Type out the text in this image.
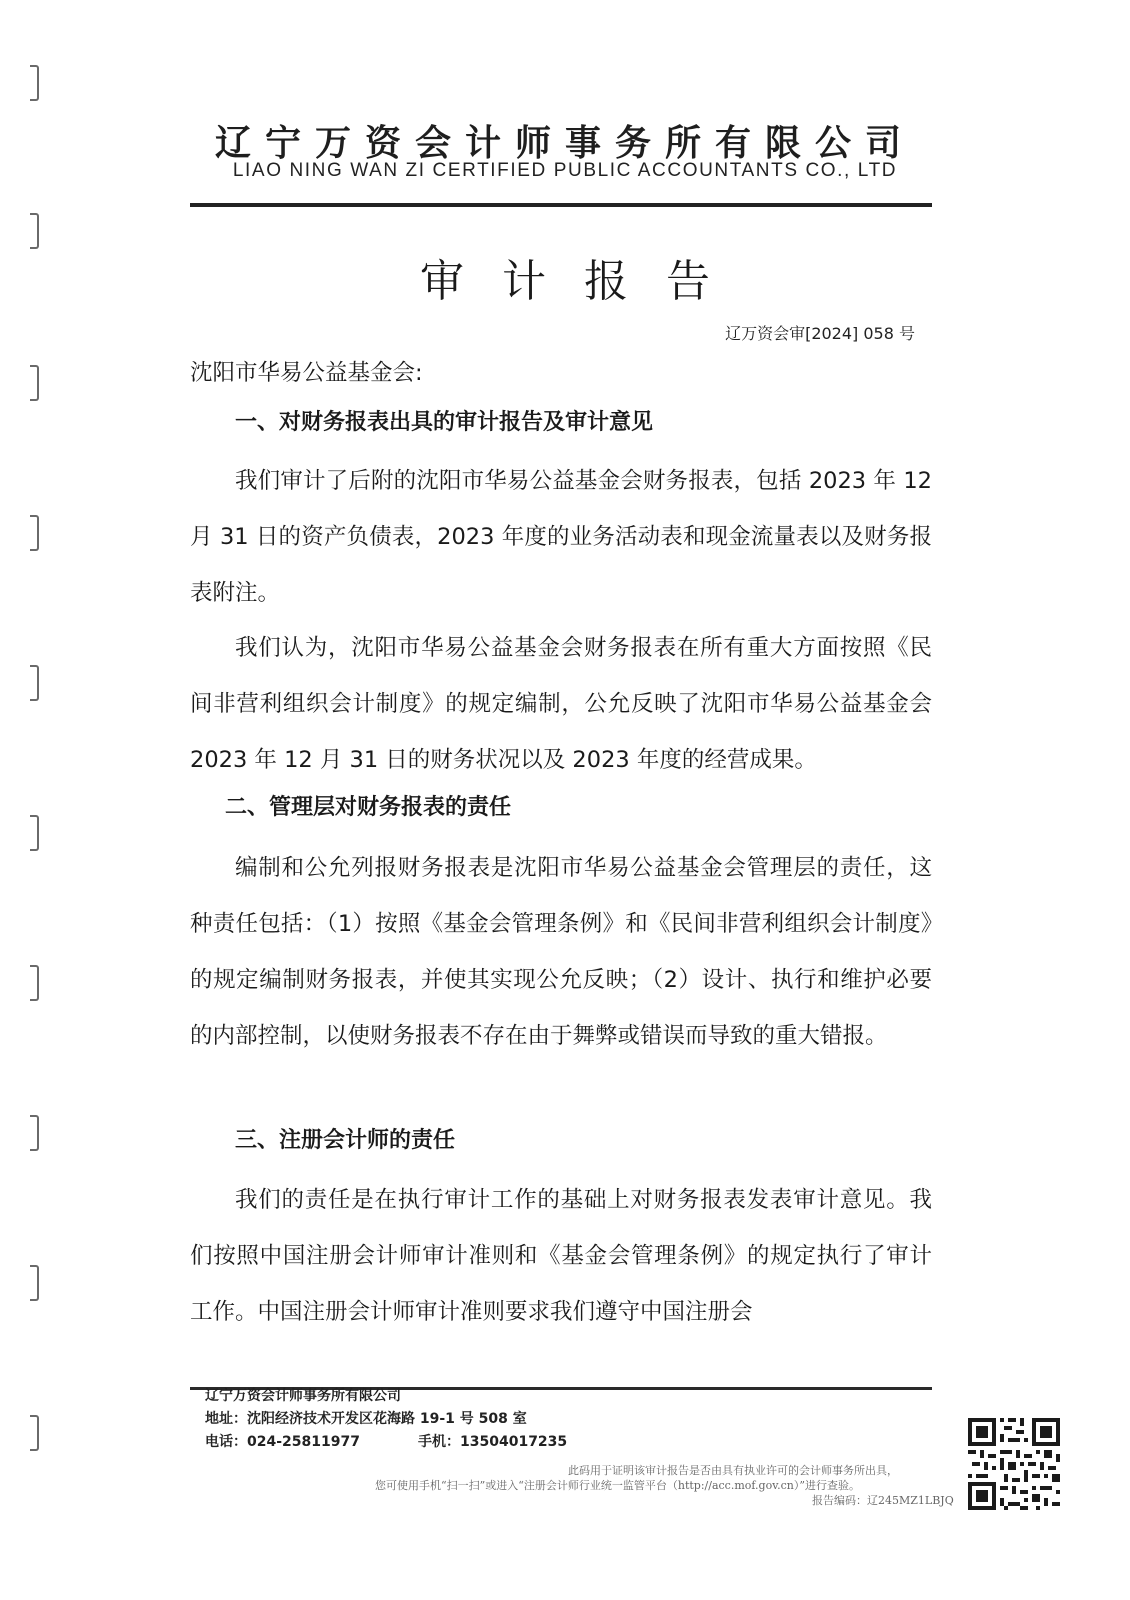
辽宁万资会计师事务所有限公司
LIAO NING WAN ZI CERTIFIED PUBLIC ACCOUNTANTS CO., LTD
审计报告
辽万资会审[2024] 058 号
沈阳市华易公益基金会:
一、对财务报表出具的审计报告及审计意见
我们审计了后附的沈阳市华易公益基金会财务报表，包括 2023 年 12 月 31 日的资产负债表，2023 年度的业务活动表和现金流量表以及财务报表附注。
我们认为，沈阳市华易公益基金会财务报表在所有重大方面按照《民间非营利组织会计制度》的规定编制，公允反映了沈阳市华易公益基金会 2023 年 12 月 31 日的财务状况以及 2023 年度的经营成果。
二、管理层对财务报表的责任
编制和公允列报财务报表是沈阳市华易公益基金会管理层的责任，这种责任包括：（1）按照《基金会管理条例》和《民间非营利组织会计制度》的规定编制财务报表，并使其实现公允反映；（2）设计、执行和维护必要的内部控制，以使财务报表不存在由于舞弊或错误而导致的重大错报。
三、注册会计师的责任
我们的责任是在执行审计工作的基础上对财务报表发表审计意见。我们按照中国注册会计师审计准则和《基金会管理条例》的规定执行了审计工作。中国注册会计师审计准则要求我们遵守中国注册会
辽宁万资会计师事务所有限公司
地址：沈阳经济技术开发区花海路 19-1 号 508 室
电话：024-25811977	手机：13504017235
此码用于证明该审计报告是否由具有执业许可的会计师事务所出具，
您可使用手机“扫一扫”或进入“注册会计师行业统一监管平台（http://acc.mof.gov.cn）”进行查验。
报告编码：辽245MZ1LBJQ
